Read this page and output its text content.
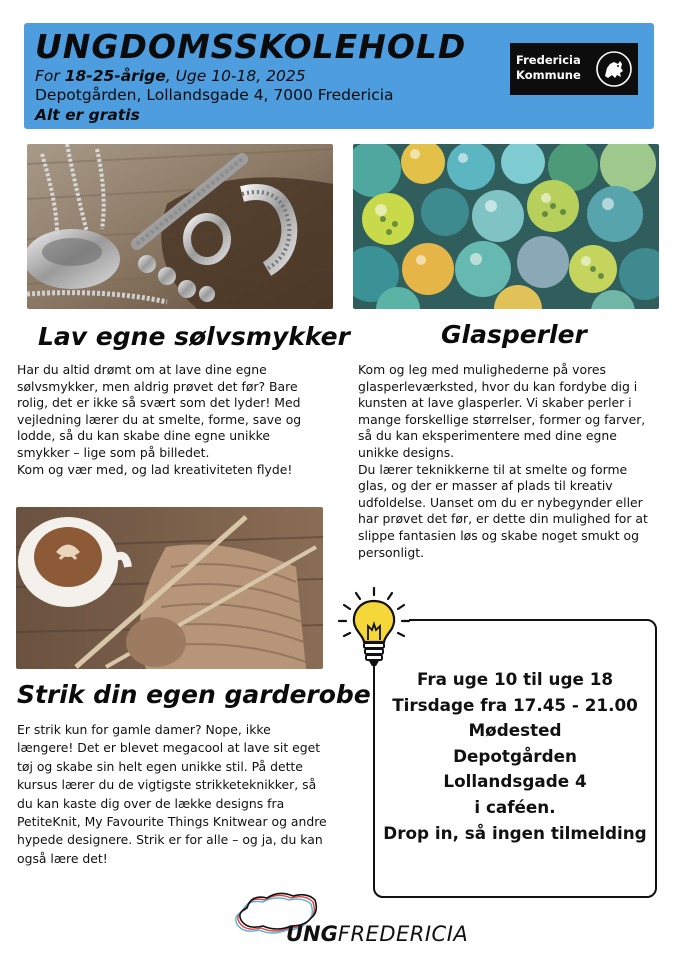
UNGDOMSSKOLEHOLD
For 18-25-årige, Uge 10-18, 2025
Depotgården, Lollandsgade 4, 7000 Fredericia
Alt er gratis
Fredericia
Kommune
Lav egne sølvsmykker	Glasperler

Har du altid drømt om at lave dine egne sølvsmykker, men aldrig prøvet det før? Bare rolig, det er ikke så svært som det lyder! Med vejledning lærer du at smelte, forme, save og lodde, så du kan skabe dine egne unikke smykker – lige som på billedet.

Kom og vær med, og lad kreativiteten flyde!

Kom og leg med mulighederne på vores glasperleværksted, hvor du kan fordybe dig i kunsten at lave glasperler. Vi skaber perler i mange forskellige størrelser, former og farver, så du kan eksperimentere med dine egne unikke designs.

Du lærer teknikkerne til at smelte og forme glas, og der er masser af plads til kreativ udfoldelse. Uanset om du er nybegynder eller har prøvet det før, er dette din mulighed for at slippe fantasien løs og skabe noget smukt og personligt.

Strik din egen garderobe

Er strik kun for gamle damer? Nope, ikke længere! Det er blevet megacool at lave sit eget tøj og skabe sin helt egen unikke stil. På dette kursus lærer du de vigtigste strikketeknikker, så du kan kaste dig over de lække designs fra PetiteKnit, My Favourite Things Knitwear og andre hypede designere. Strik er for alle – og ja, du kan også lære det!

Fra uge 10 til uge 18
Tirsdage fra 17.45 - 21.00
Mødested
Depotgården
Lollandsgade 4
i caféen.
Drop in, så ingen tilmelding
UNGFREDERICIA
